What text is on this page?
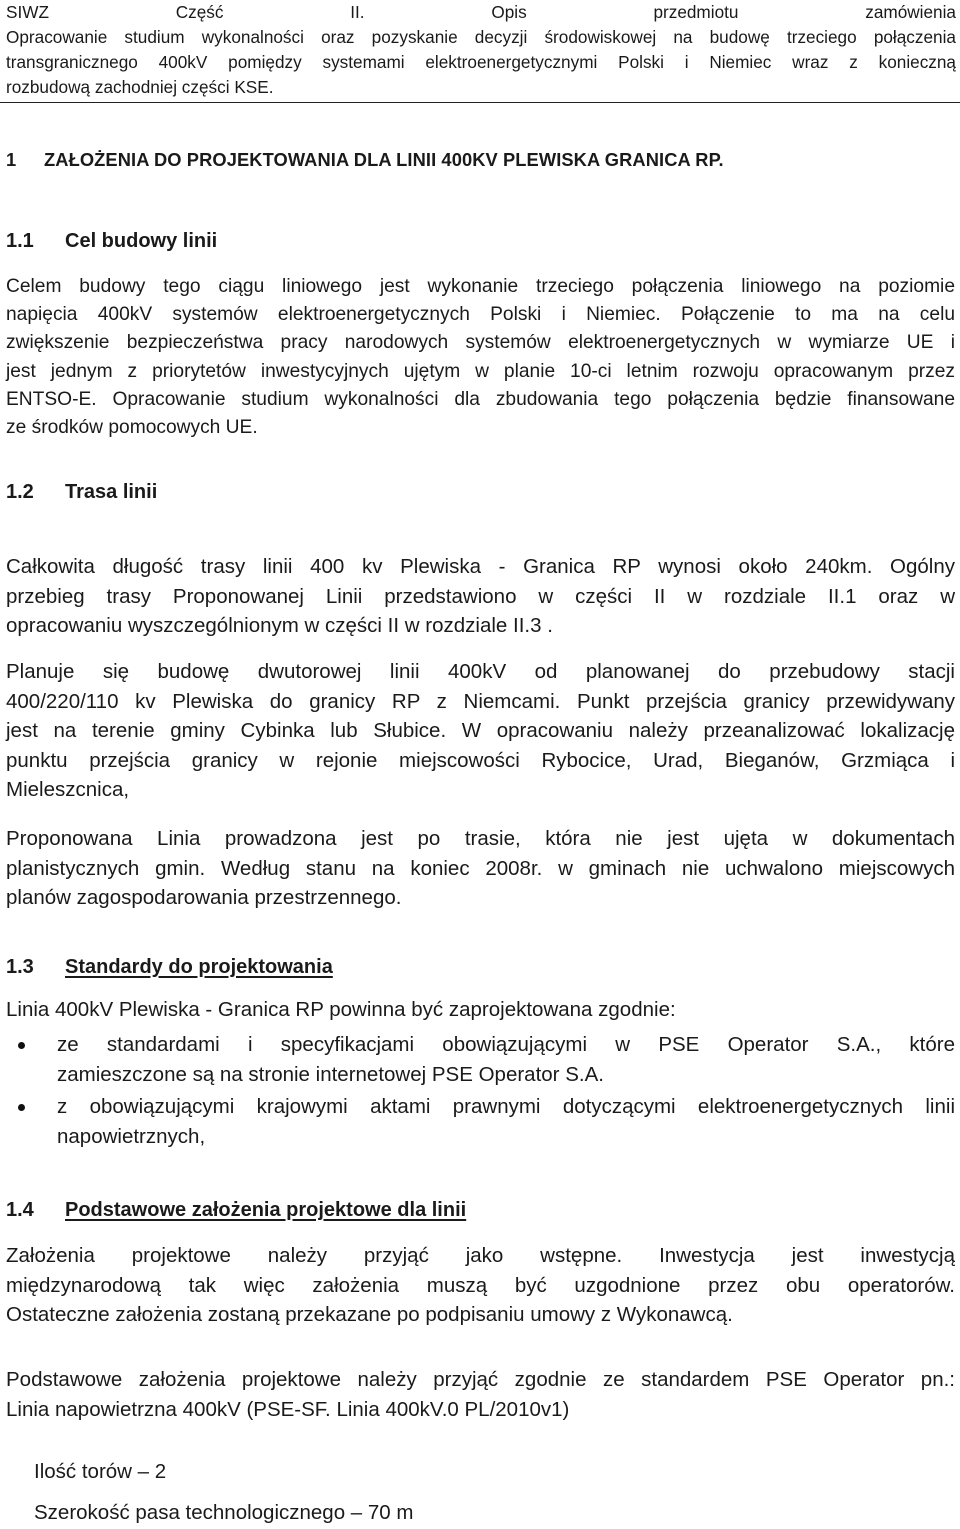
SIWZ Część II. Opis przedmiotu zamówienia
Opracowanie studium wykonalności oraz pozyskanie decyzji środowiskowej na budowę trzeciego połączenia
transgranicznego 400kV pomiędzy systemami elektroenergetycznymi Polski i Niemiec wraz z konieczną
rozbudową zachodniej części KSE.
1 ZAŁOŻENIA DO PROJEKTOWANIA DLA LINII 400KV PLEWISKA GRANICA RP.
1.1 Cel budowy linii
Celem budowy tego ciągu liniowego jest wykonanie trzeciego połączenia liniowego na poziomie
napięcia 400kV systemów elektroenergetycznych Polski i Niemiec. Połączenie to ma na celu
zwiększenie bezpieczeństwa pracy narodowych systemów elektroenergetycznych w wymiarze UE i
jest jednym z priorytetów inwestycyjnych ujętym w planie 10-ci letnim rozwoju opracowanym przez
ENTSO-E. Opracowanie studium wykonalności dla zbudowania tego połączenia będzie finansowane
ze środków pomocowych UE.
1.2 Trasa linii
Całkowita długość trasy linii 400 kv Plewiska - Granica RP wynosi około 240km. Ogólny
przebieg trasy Proponowanej Linii przedstawiono w części II w rozdziale II.1 oraz w
opracowaniu wyszczególnionym w części II w rozdziale II.3 .
Planuje się budowę dwutorowej linii 400kV od planowanej do przebudowy stacji
400/220/110 kv Plewiska do granicy RP z Niemcami. Punkt przejścia granicy przewidywany
jest na terenie gminy Cybinka lub Słubice. W opracowaniu należy przeanalizować lokalizację
punktu przejścia granicy w rejonie miejscowości Rybocice, Urad, Bieganów, Grzmiąca i
Mieleszcnica,
Proponowana Linia prowadzona jest po trasie, która nie jest ujęta w dokumentach
planistycznych gmin. Według stanu na koniec 2008r. w gminach nie uchwalono miejscowych
planów zagospodarowania przestrzennego.
1.3 Standardy do projektowania
Linia 400kV Plewiska - Granica RP powinna być zaprojektowana zgodnie:
ze standardami i specyfikacjami obowiązującymi w PSE Operator S.A., które
zamieszczone są na stronie internetowej PSE Operator S.A.
z obowiązującymi krajowymi aktami prawnymi dotyczącymi elektroenergetycznych linii
napowietrznych,
1.4 Podstawowe założenia projektowe dla linii
Założenia projektowe należy przyjąć jako wstępne. Inwestycja jest inwestycją
międzynarodową tak więc założenia muszą być uzgodnione przez obu operatorów.
Ostateczne założenia zostaną przekazane po podpisaniu umowy z Wykonawcą.
Podstawowe założenia projektowe należy przyjąć zgodnie ze standardem PSE Operator pn.:
Linia napowietrzna 400kV (PSE-SF. Linia 400kV.0 PL/2010v1)
Ilość torów – 2
Szerokość pasa technologicznego – 70 m
